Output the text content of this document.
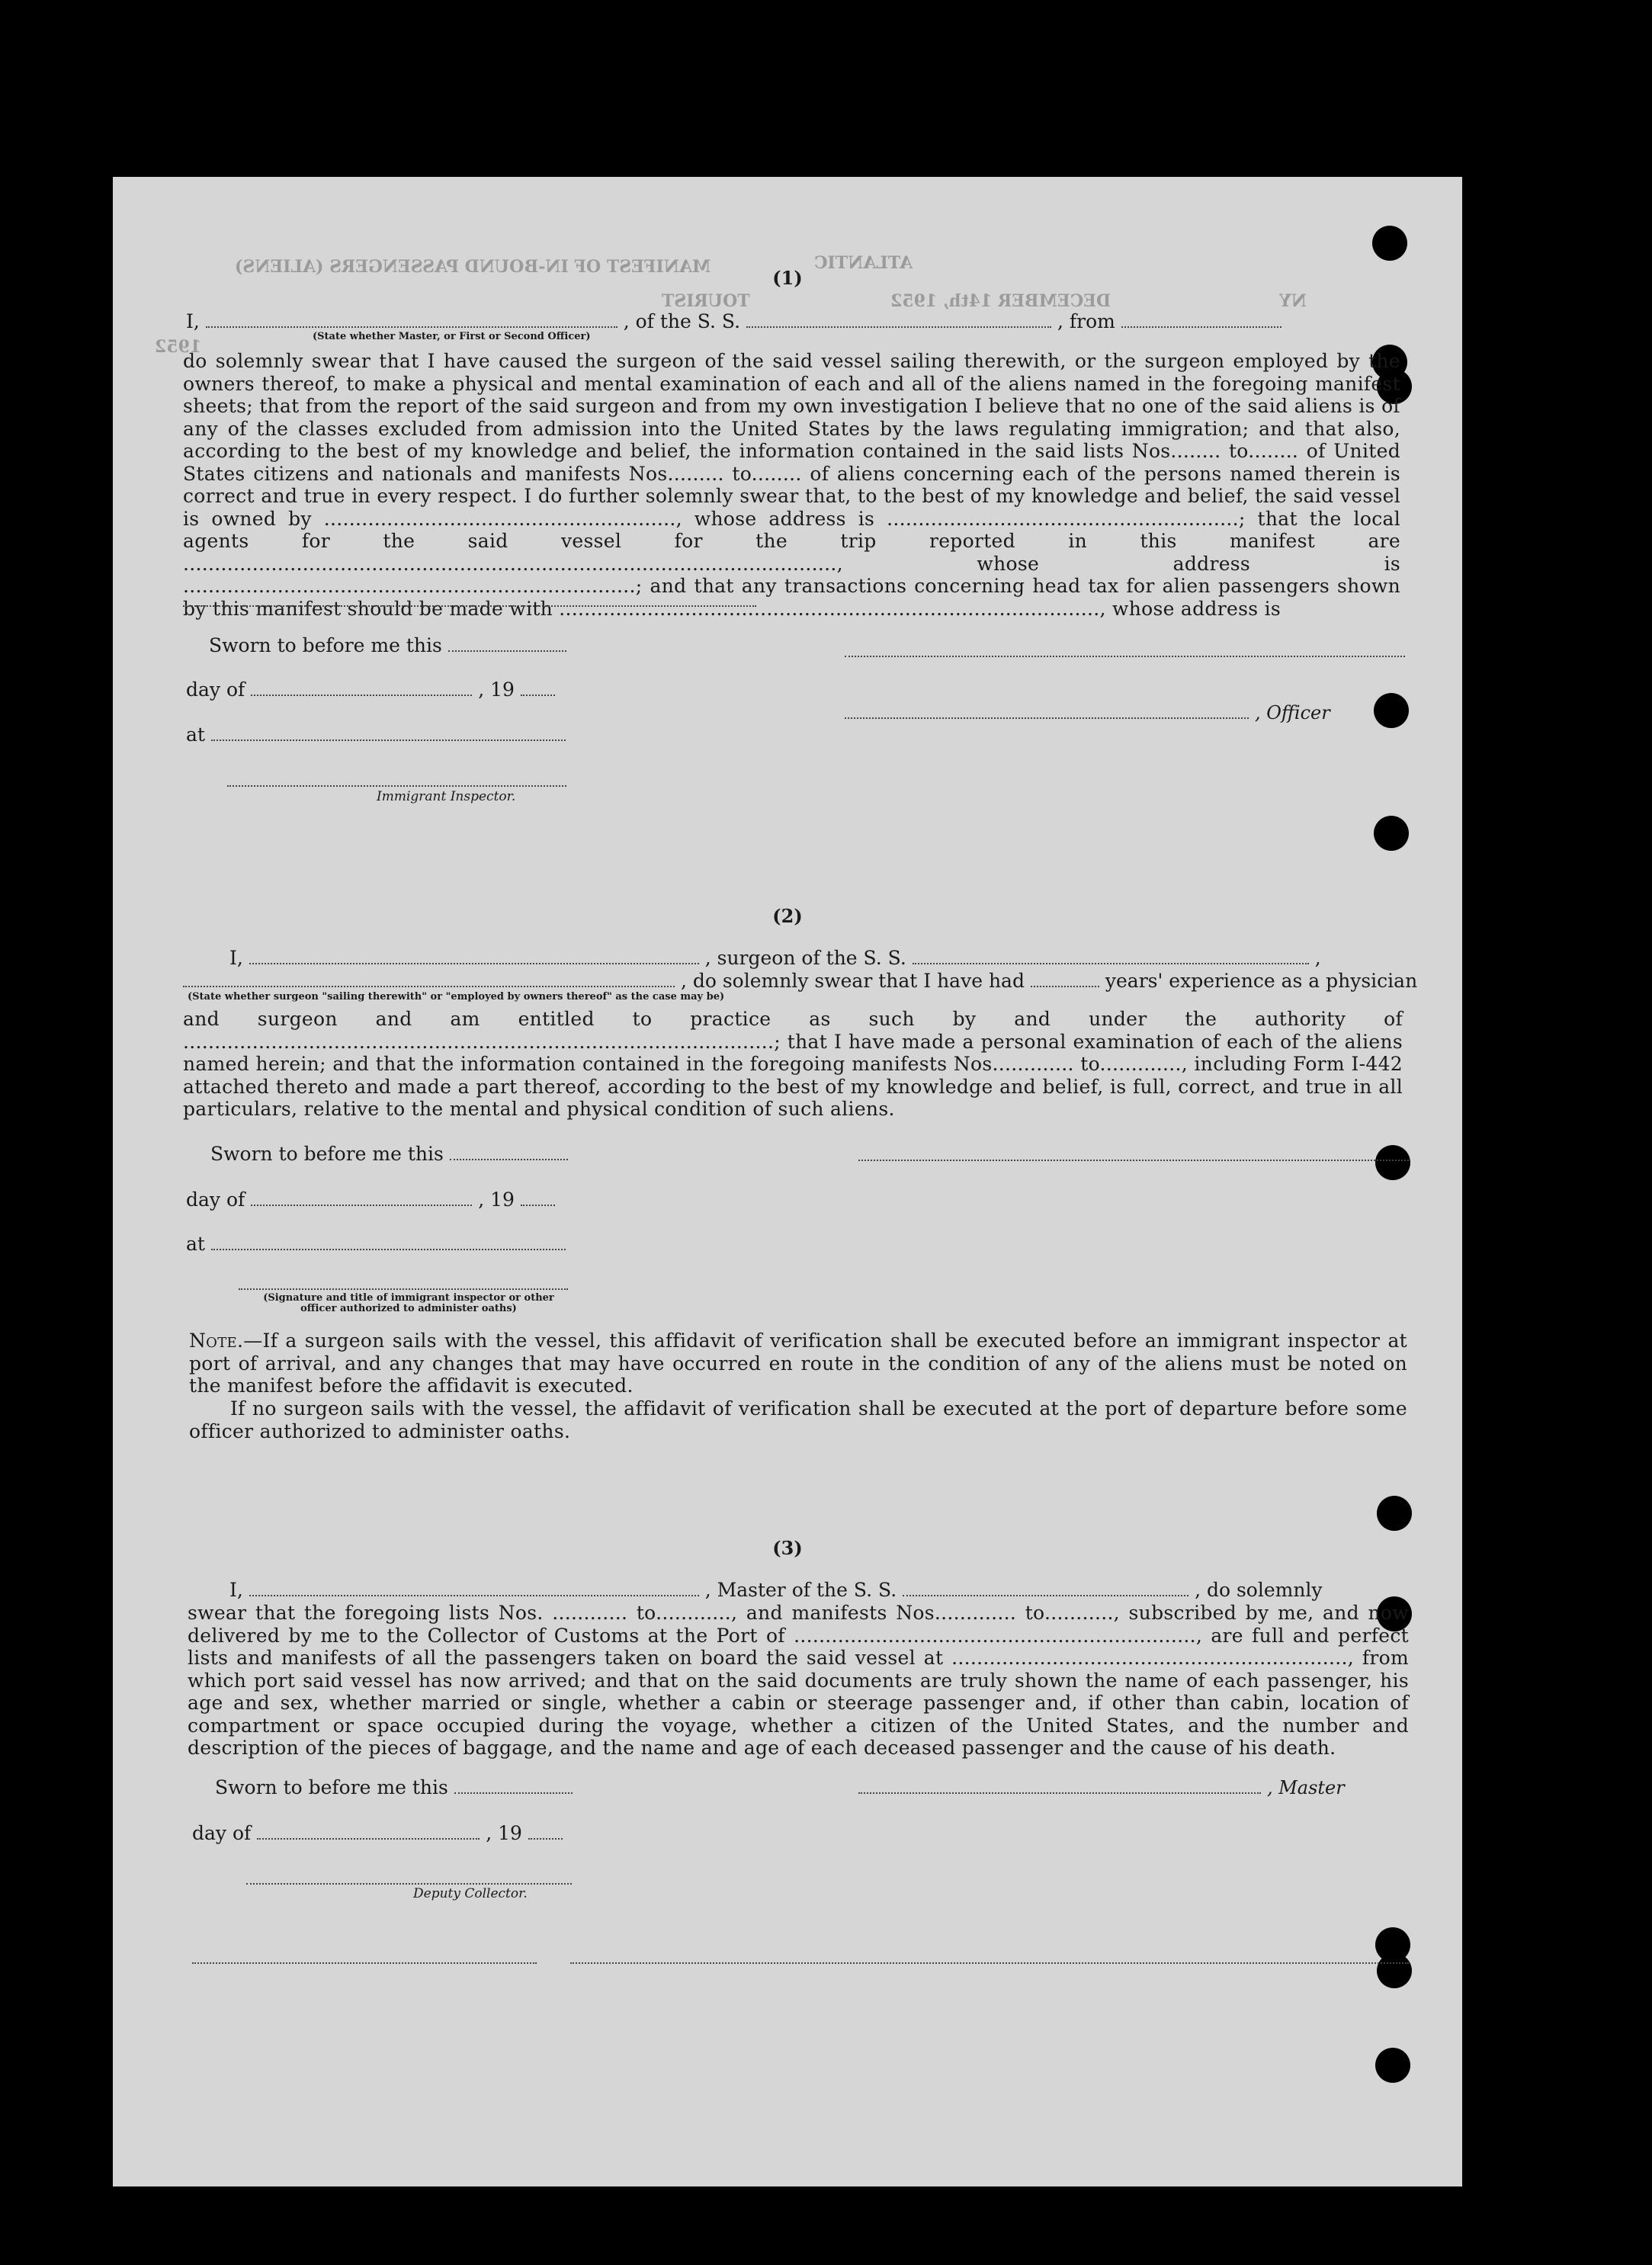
MANIFEST OF IN-BOUND PASSENGERS (ALIENS)
TOURIST	DECEMBER 14th, 1952
ATLANTIC
NY
1952
(1)
I,	, of the S. S.	, from
(State whether Master, or First or Second Officer)
do solemnly swear that I have caused the surgeon of the said vessel sailing therewith, or the surgeon employed by the owners thereof, to make a physical and mental examination of each and all of the aliens named in the foregoing manifest sheets; that from the report of the said surgeon and from my own investigation I believe that no one of the said aliens is of any of the classes excluded from admission into the United States by the laws regulating immigration; and that also, according to the best of my knowledge and belief, the information contained in the said lists Nos........ to........ of United States citizens and nationals and manifests Nos......... to........ of aliens concerning each of the persons named therein is correct and true in every respect. I do further solemnly swear that, to the best of my knowledge and belief, the said vessel is owned by ........................................................, whose address is ........................................................; that the local agents for the said vessel for the trip reported in this manifest are ........................................................................................................, whose address is ........................................................................; and that any transactions concerning head tax for alien passengers shown by this manifest should be made with ......................................................................................, whose address is
Sworn to before me this
day of	, 19
, Officer
at
Immigrant Inspector.
(2)
I,	, surgeon of the S. S.	,
, do solemnly swear that I have had	years' experience as a physician
(State whether surgeon "sailing therewith" or "employed by owners thereof" as the case may be)
and surgeon and am entitled to practice as such by and under the authority of ..............................................................................................; that I have made a personal examination of each of the aliens named herein; and that the information contained in the foregoing manifests Nos............. to............., including Form I-442 attached thereto and made a part thereof, according to the best of my knowledge and belief, is full, correct, and true in all particulars, relative to the mental and physical condition of such aliens.
Sworn to before me this
day of	, 19
at
(Signature and title of immigrant inspector or other officer authorized to administer oaths)
Note.—If a surgeon sails with the vessel, this affidavit of verification shall be executed before an immigrant inspector at port of arrival, and any changes that may have occurred en route in the condition of any of the aliens must be noted on the manifest before the affidavit is executed.
If no surgeon sails with the vessel, the affidavit of verification shall be executed at the port of departure before some officer authorized to administer oaths.
(3)
I,	, Master of the S. S.	, do solemnly
swear that the foregoing lists Nos. ............ to............, and manifests Nos............. to..........., subscribed by me, and now delivered by me to the Collector of Customs at the Port of ................................................................, are full and perfect lists and manifests of all the passengers taken on board the said vessel at ..............................................................., from which port said vessel has now arrived; and that on the said documents are truly shown the name of each passenger, his age and sex, whether married or single, whether a cabin or steerage passenger and, if other than cabin, location of compartment or space occupied during the voyage, whether a citizen of the United States, and the number and description of the pieces of baggage, and the name and age of each deceased passenger and the cause of his death.
Sworn to before me this	, Master
day of	, 19
Deputy Collector.
